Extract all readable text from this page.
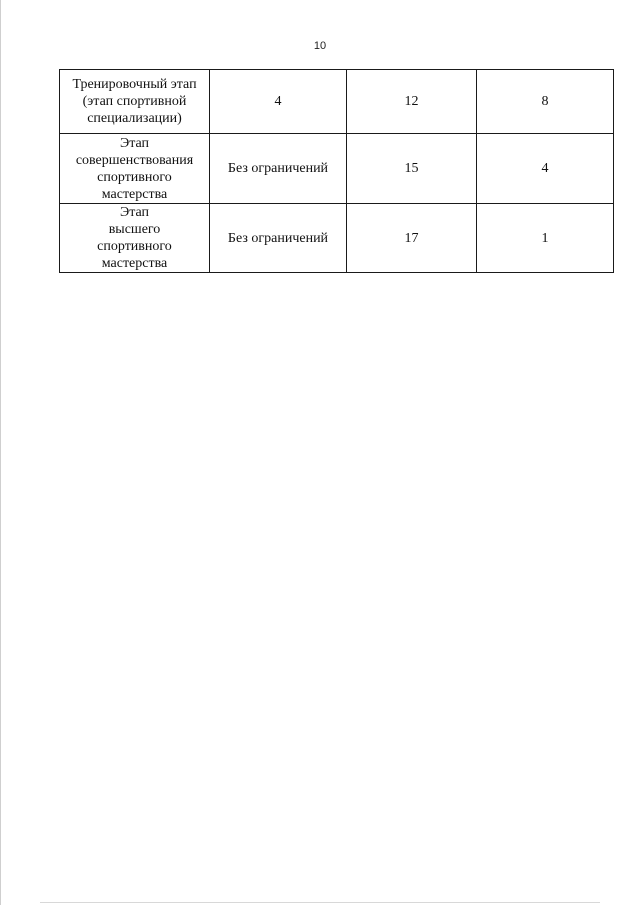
10
Тренировочный этап
(этап спортивной
специализации)	4	12	8
Этап
совершенствования
спортивного
мастерства	Без ограничений	15	4
Этап
высшего
спортивного
мастерства	Без ограничений	17	1
